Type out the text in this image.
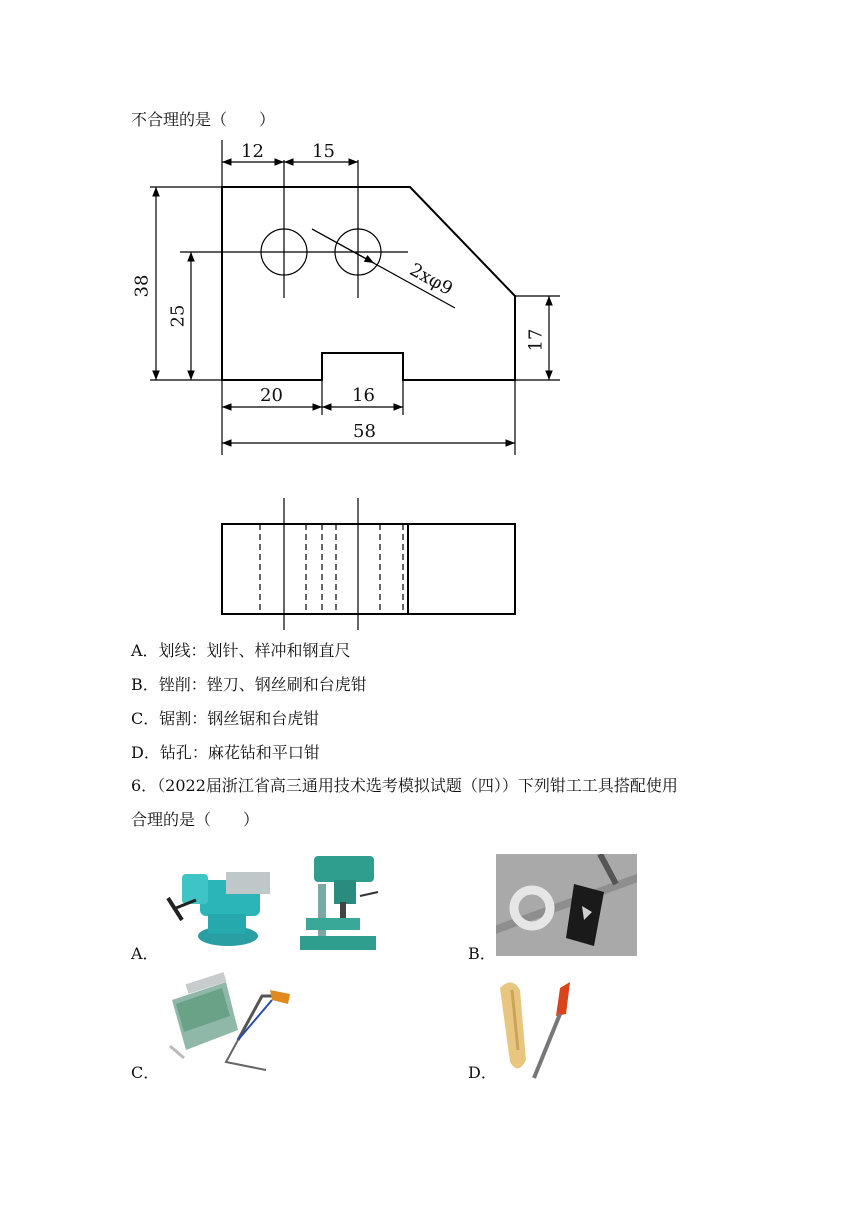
不合理的是（　　）
12	15
38
25
17
20	16
58
2xφ9
A．划线：划针、样冲和钢直尺
B．锉削：锉刀、钢丝刷和台虎钳
C．锯割：钢丝锯和台虎钳
D．钻孔：麻花钻和平口钳
6．（2022届浙江省高三通用技术选考模拟试题（四））下列钳工工具搭配使用
合理的是（　　）
A．	B．
C．	D．
